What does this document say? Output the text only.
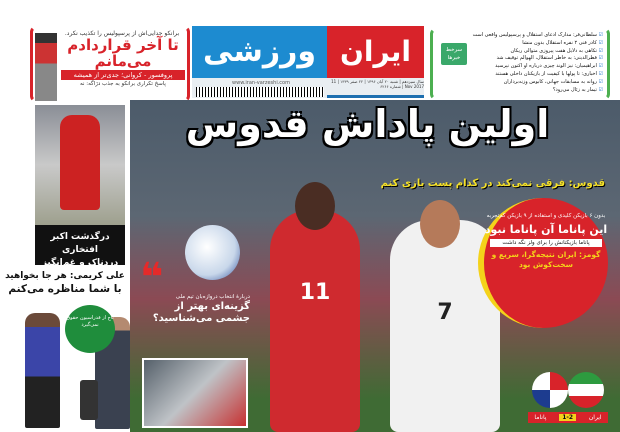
برانکو جدایی‌اش از پرسپولیس را تکذیب نکرد.
تا آخر قراردادم
می‌مانم
پروفسور - کروانی؛ جدی‌تر از همیشه
پاسخ تکراری برانکو به جذب دژاگه: نه
ورزشی ایران
www.iran-varzeshi.com	سال سیزدهم | شنبه ۲۰ آبان ۱۳۹۶ | ۲۲ صفر ۱۴۳۹ | 11 Nov 2017 | شماره ۶۲۶۶
سرخط خبرها
☑ سلطانی‌فر: مدارک ادعای استقلال و پرسپولیس واقعی است
☑ کادر فنی ۲ نفره استقلال بدون منشا
☑ تکاهی به دلایل هفت پیروزی متوالی ریکان
☑ فطرالدینی: به خاطر استقلال، الهوالم توقیف شد
☑ ابراهیمیان: نیز الوند چیزی درباره او اکنون نپرسید
☑ اخباری: تا پولها با کیفیت از بازیکنان داخلی هستند
☑ روانه به مسابقات جهانی، کابوس وزنه‌برداران
☑ تیمار به زئال می‌رود؟
درگذشت اکبر افتخاری
دردناک و غم‌انگیز
علی کریمی: هر جا بخواهید
با شما مناظره می‌کنم
تاج از فدراسیون حقوق نمی‌گیرد
11
7
اولین پاداش قدوس
قدوس: فرقی نمی‌کند در کدام پست بازی کنم
❝	دربارهٔ انتخاب دروازه‌بان تیم ملی
گزینه‌ای بهتر از جشمی می‌شناسید؟
بدون ۶ بازیکن کلیدی و استفاده از ۹ بازیکن کم‌تجربه
این پاناما آن پاناما نبود
پاناما بازیکنانش را برای ولز نگه داشت
گومز: ایران نتیجه‌گرا، سریع و سخت‌کوش بود
ایران
1-2
پاناما
